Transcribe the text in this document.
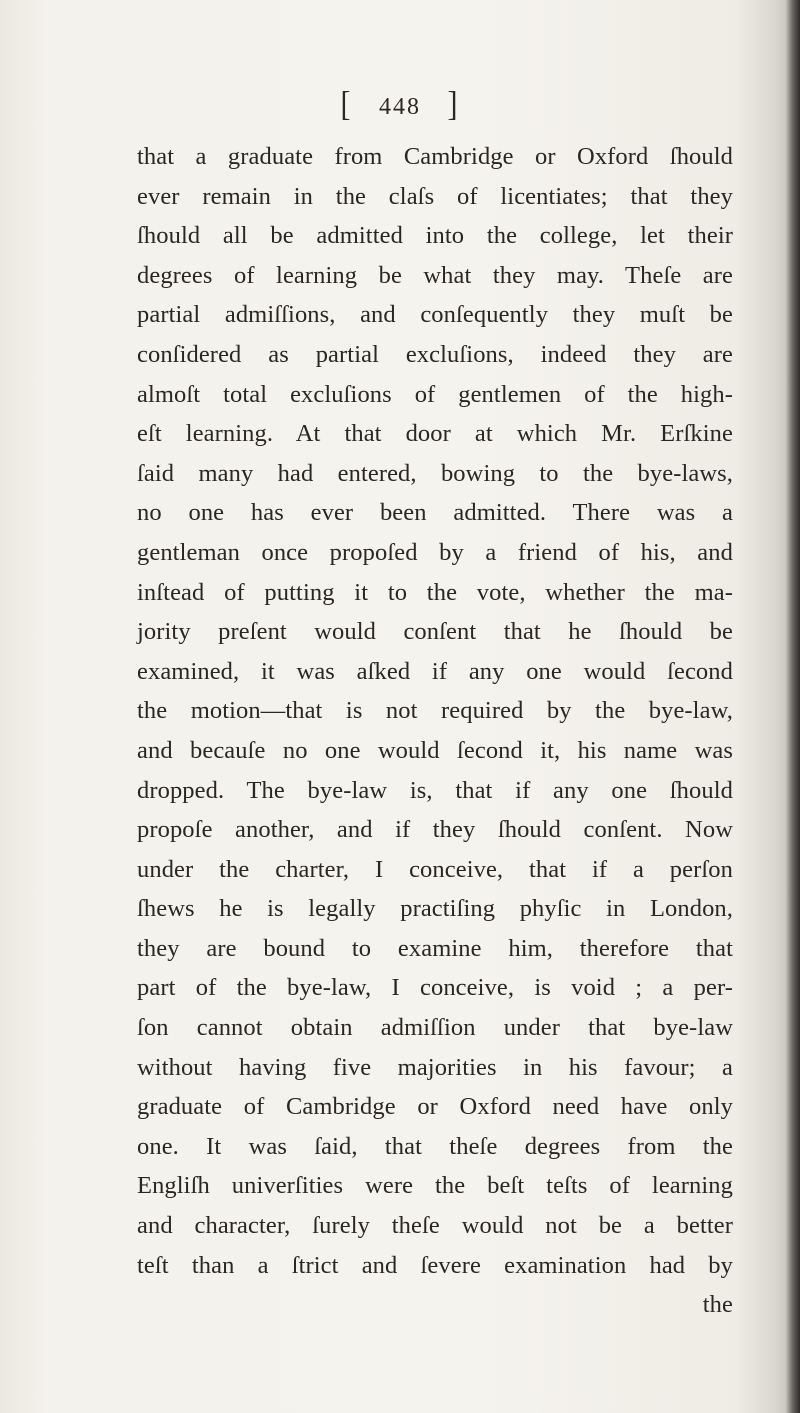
[ 448 ]
that a graduate from Cambridge or Oxford ſhould
ever remain in the claſs of licentiates; that they
ſhould all be admitted into the college, let their
degrees of learning be what they may. Theſe are
partial admiſſions, and conſequently they muſt be
conſidered as partial excluſions, indeed they are
almoſt total excluſions of gentlemen of the high-
eſt learning. At that door at which Mr. Erſkine
ſaid many had entered, bowing to the bye-laws,
no one has ever been admitted. There was a
gentleman once propoſed by a friend of his, and
inſtead of putting it to the vote, whether the ma-
jority preſent would conſent that he ſhould be
examined, it was aſked if any one would ſecond
the motion—that is not required by the bye-law,
and becauſe no one would ſecond it, his name was
dropped. The bye-law is, that if any one ſhould
propoſe another, and if they ſhould conſent. Now
under the charter, I conceive, that if a perſon
ſhews he is legally practiſing phyſic in London,
they are bound to examine him, therefore that
part of the bye-law, I conceive, is void ; a per-
ſon cannot obtain admiſſion under that bye-law
without having five majorities in his favour; a
graduate of Cambridge or Oxford need have only
one. It was ſaid, that theſe degrees from the
Engliſh univerſities were the beſt teſts of learning
and character, ſurely theſe would not be a better
teſt than a ſtrict and ſevere examination had by
the
